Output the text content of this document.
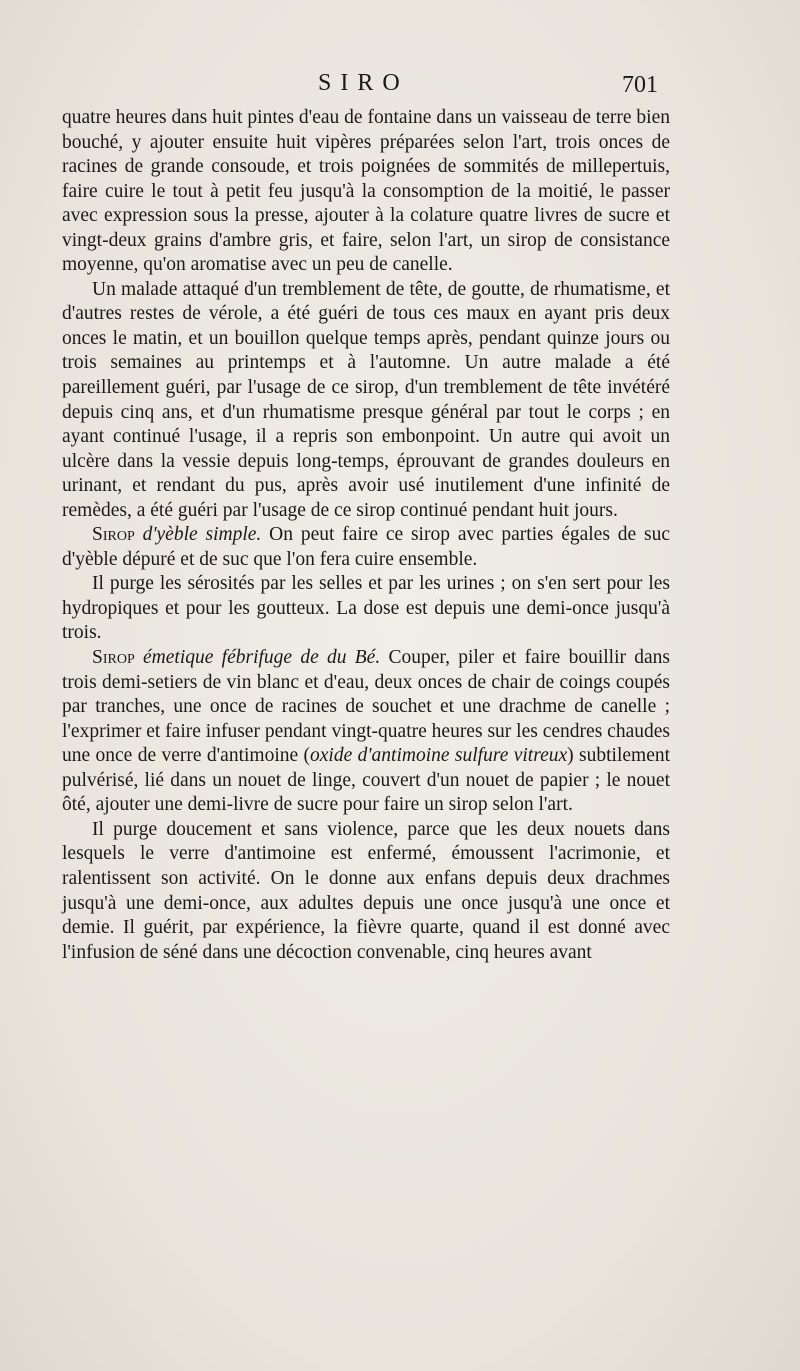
SIRO	701

quatre heures dans huit pintes d'eau de fontaine dans un vaisseau de terre bien bouché, y ajouter ensuite huit vipères préparées selon l'art, trois onces de racines de grande consoude, et trois poignées de sommités de millepertuis, faire cuire le tout à petit feu jusqu'à la consomption de la moitié, le passer avec expression sous la presse, ajouter à la colature quatre livres de sucre et vingt-deux grains d'ambre gris, et faire, selon l'art, un sirop de consistance moyenne, qu'on aromatise avec un peu de canelle.

Un malade attaqué d'un tremblement de tête, de goutte, de rhumatisme, et d'autres restes de vérole, a été guéri de tous ces maux en ayant pris deux onces le matin, et un bouillon quelque temps après, pendant quinze jours ou trois semaines au printemps et à l'automne. Un autre malade a été pareillement guéri, par l'usage de ce sirop, d'un tremblement de tête invétéré depuis cinq ans, et d'un rhumatisme presque général par tout le corps ; en ayant continué l'usage, il a repris son embonpoint. Un autre qui avoit un ulcère dans la vessie depuis long-temps, éprouvant de grandes douleurs en urinant, et rendant du pus, après avoir usé inutilement d'une infinité de remèdes, a été guéri par l'usage de ce sirop continué pendant huit jours.

Sirop d'yèble simple. On peut faire ce sirop avec parties égales de suc d'yèble dépuré et de suc que l'on fera cuire ensemble.

Il purge les sérosités par les selles et par les urines ; on s'en sert pour les hydropiques et pour les goutteux. La dose est depuis une demi-once jusqu'à trois.

Sirop émetique fébrifuge de du Bé. Couper, piler et faire bouillir dans trois demi-setiers de vin blanc et d'eau, deux onces de chair de coings coupés par tranches, une once de racines de souchet et une drachme de canelle ; l'exprimer et faire infuser pendant vingt-quatre heures sur les cendres chaudes une once de verre d'antimoine (oxide d'antimoine sulfure vitreux) subtilement pulvérisé, lié dans un nouet de linge, couvert d'un nouet de papier ; le nouet ôté, ajouter une demi-livre de sucre pour faire un sirop selon l'art.

Il purge doucement et sans violence, parce que les deux nouets dans lesquels le verre d'antimoine est enfermé, émoussent l'acrimonie, et ralentissent son activité. On le donne aux enfans depuis deux drachmes jusqu'à une demi-once, aux adultes depuis une once jusqu'à une once et demie. Il guérit, par expérience, la fièvre quarte, quand il est donné avec l'infusion de séné dans une décoction convenable, cinq heures avant
